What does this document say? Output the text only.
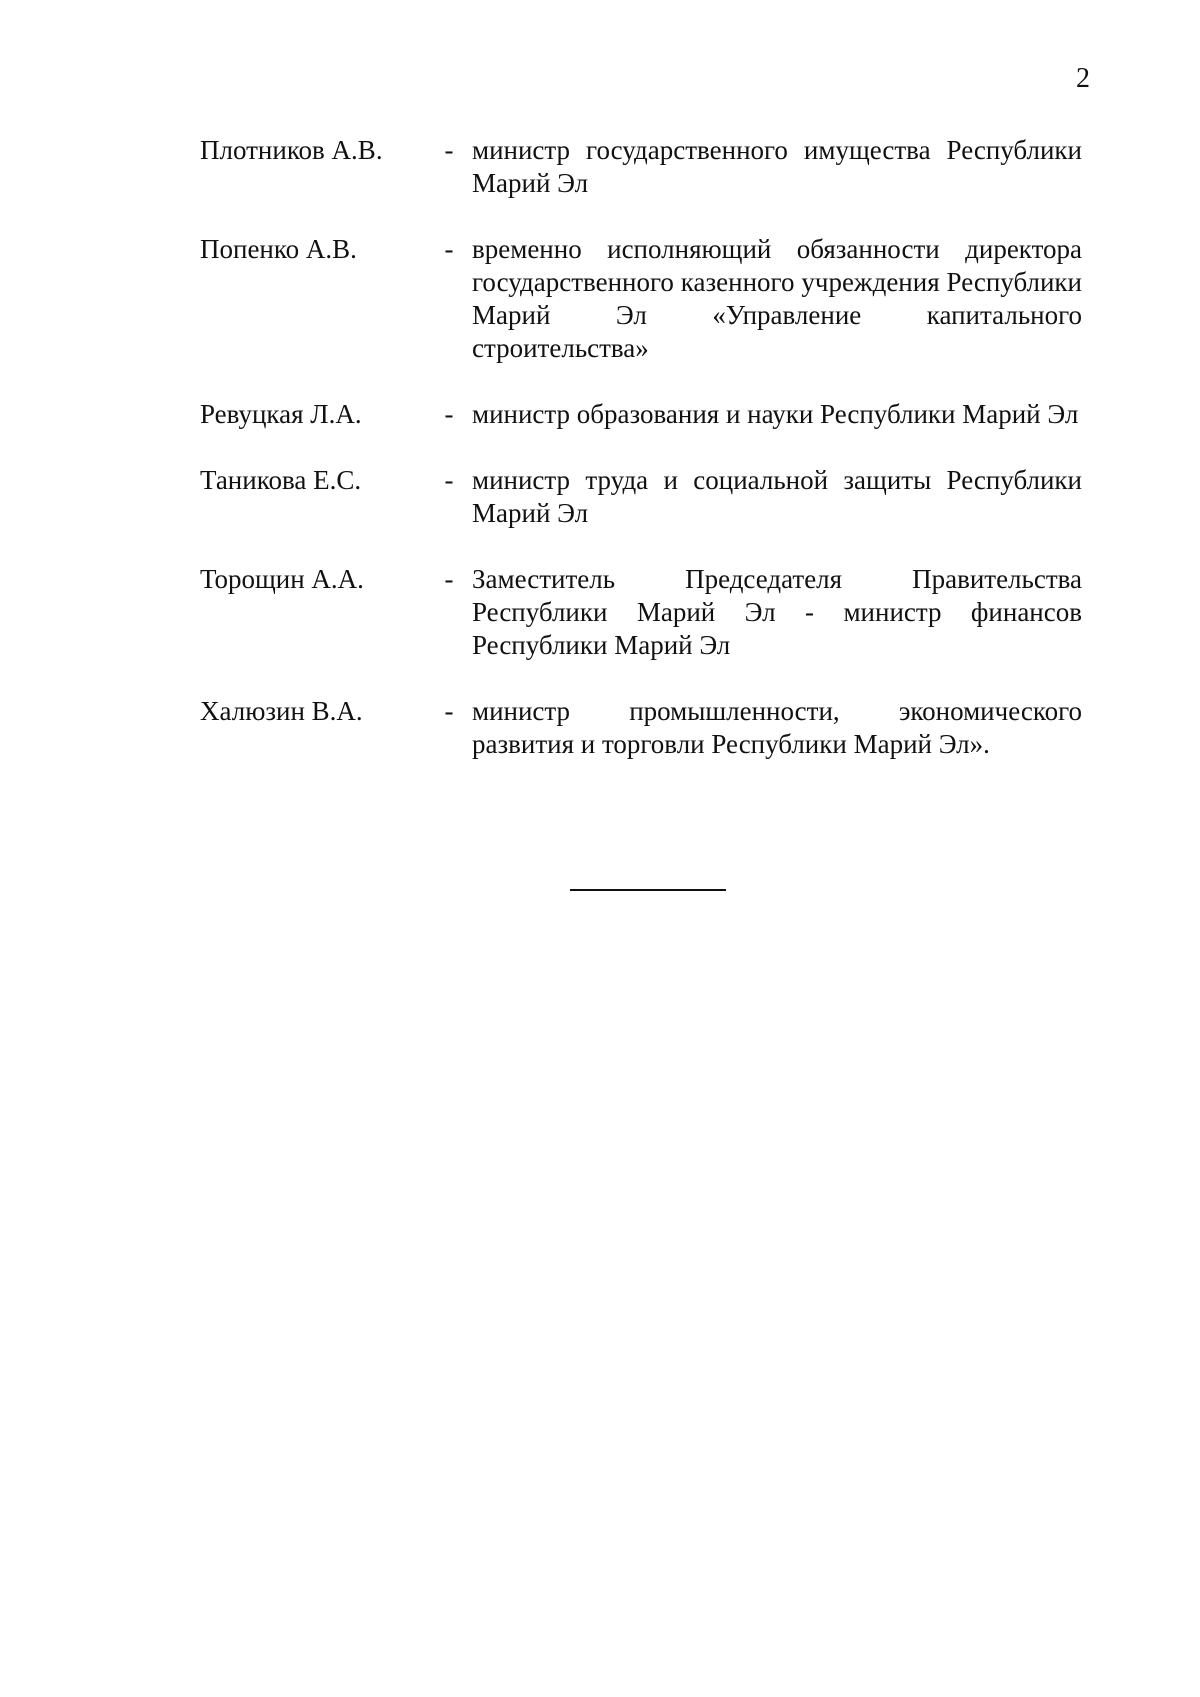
2
Плотников А.В.	- министр государственного имущества Республики Марий Эл
Попенко А.В.	- временно исполняющий обязанности директора государственного казенного учреждения Республики Марий Эл «Управление капитального строительства»
Ревуцкая Л.А.	- министр образования и науки Республики Марий Эл
Таникова Е.С.	- министр труда и социальной защиты Республики Марий Эл
Торощин А.А.	- Заместитель Председателя Правительства Республики Марий Эл - министр финансов Республики Марий Эл
Халюзин В.А.	- министр промышленности, экономического развития и торговли Республики Марий Эл».
